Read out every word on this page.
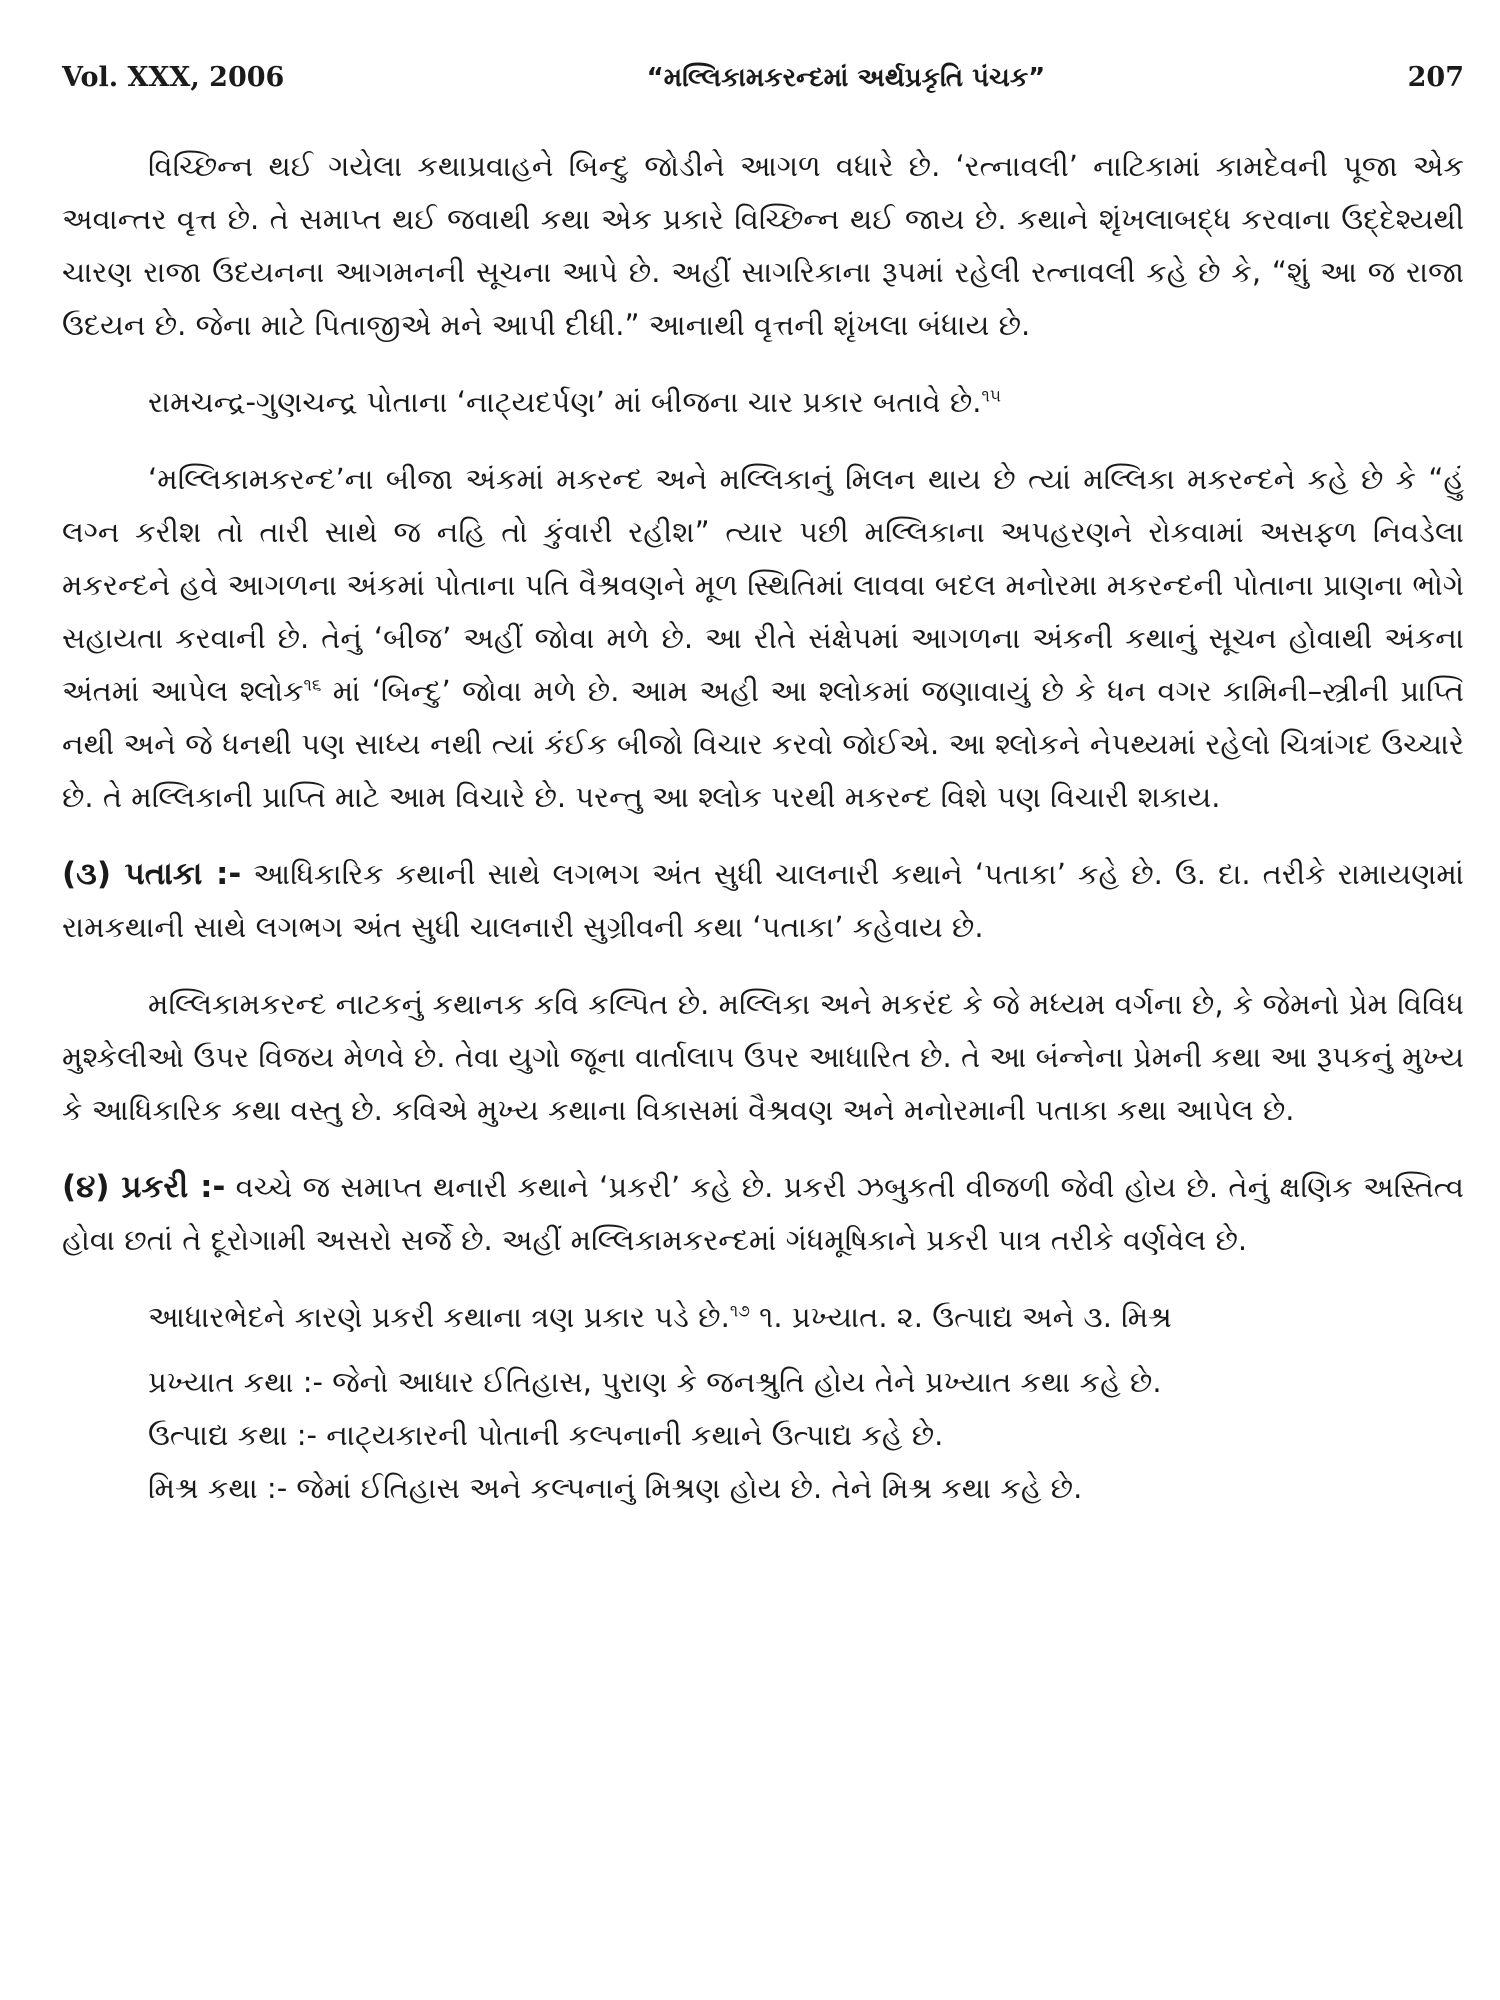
Vol. XXX, 2006	“મલ્લિકામકરન્દમાં અર્થપ્રકૃતિ પંચક”	207

વિચ્છિન્ન થઈ ગયેલા કથાપ્રવાહને બિન્દુ જોડીને આગળ વધારે છે. ‘રત્નાવલી’ નાટિકામાં કામદેવની પૂજા એક અવાન્તર વૃત્ત છે. તે સમાપ્ત થઈ જવાથી કથા એક પ્રકારે વિચ્છિન્ન થઈ જાય છે. કથાને શૃંખલાબદ્ધ કરવાના ઉદ્દેશ્યથી ચારણ રાજા ઉદયનના આગમનની સૂચના આપે છે. અહીં સાગરિકાના રૂપમાં રહેલી રત્નાવલી કહે છે કે, “શું આ જ રાજા ઉદયન છે. જેના માટે પિતાજીએ મને આપી દીધી.” આનાથી વૃત્તની શૃંખલા બંધાય છે.

રામચન્દ્ર-ગુણચન્દ્ર પોતાના ‘નાટ્યદર્પણ’ માં બીજના ચાર પ્રકાર બતાવે છે.$^{૧૫}$

‘મલ્લિકામકરન્દ’ના બીજા અંકમાં મકરન્દ અને મલ્લિકાનું મિલન થાય છે ત્યાં મલ્લિકા મકરન્દને કહે છે કે “હું લગ્ન કરીશ તો તારી સાથે જ નહિ તો કુંવારી રહીશ” ત્યાર પછી મલ્લિકાના અપહરણને રોકવામાં અસફળ નિવડેલા મકરન્દને હવે આગળના અંકમાં પોતાના પતિ વૈશ્રવણને મૂળ સ્થિતિમાં લાવવા બદલ મનોરમા મકરન્દની પોતાના પ્રાણના ભોગે સહાયતા કરવાની છે. તેનું ‘બીજ’ અહીં જોવા મળે છે. આ રીતે સંક્ષેપમાં આગળના અંકની કથાનું સૂચન હોવાથી અંકના અંતમાં આપેલ શ્લોક$^{૧૬}$ માં ‘બિન્દુ’ જોવા મળે છે. આમ અહી આ શ્લોકમાં જણાવાયું છે કે ધન વગર કામિની–સ્ત્રીની પ્રાપ્તિ નથી અને જે ધનથી પણ સાધ્ય નથી ત્યાં કંઈક બીજો વિચાર કરવો જોઈએ. આ શ્લોકને નેપથ્યમાં રહેલો ચિત્રાંગદ ઉચ્ચારે છે. તે મલ્લિકાની પ્રાપ્તિ માટે આમ વિચારે છે. પરન્તુ આ શ્લોક પરથી મકરન્દ વિશે પણ વિચારી શકાય.

(૩) પતાકા :- આધિકારિક કથાની સાથે લગભગ અંત સુધી ચાલનારી કથાને ‘પતાકા’ કહે છે. ઉ. દા. તરીકે રામાયણમાં રામકથાની સાથે લગભગ અંત સુધી ચાલનારી સુગ્રીવની કથા ‘પતાકા’ કહેવાય છે.

મલ્લિકામકરન્દ નાટકનું કથાનક કવિ કલ્પિત છે. મલ્લિકા અને મકરંદ કે જે મધ્યમ વર્ગના છે, કે જેમનો પ્રેમ વિવિધ મુશ્કેલીઓ ઉપર વિજય મેળવે છે. તેવા યુગો જૂના વાર્તાલાપ ઉપર આધારિત છે. તે આ બંન્નેના પ્રેમની કથા આ રૂપકનું મુખ્ય કે આધિકારિક કથા વસ્તુ છે. કવિએ મુખ્ય કથાના વિકાસમાં વૈશ્રવણ અને મનોરમાની પતાકા કથા આપેલ છે.

(૪) પ્રકરી :- વચ્ચે જ સમાપ્ત થનારી કથાને ‘પ્રકરી’ કહે છે. પ્રકરી ઝબુકતી વીજળી જેવી હોય છે. તેનું ક્ષણિક અસ્તિત્વ હોવા છતાં તે દૂરોગામી અસરો સર્જે છે. અહીં મલ્લિકામકરન્દમાં ગંધમૂષિકાને પ્રકરી પાત્ર તરીકે વર્ણવેલ છે.

આધારભેદને કારણે પ્રકરી કથાના ત્રણ પ્રકાર પડે છે.$^{૧૭}$ ૧. પ્રખ્યાત. ૨. ઉત્પાદ્ય અને ૩. મિશ્ર

પ્રખ્યાત કથા :- જેનો આધાર ઈતિહાસ, પુરાણ કે જનશ્રુતિ હોય તેને પ્રખ્યાત કથા કહે છે.

ઉત્પાદ્ય કથા :- નાટ્યકારની પોતાની કલ્પનાની કથાને ઉત્પાદ્ય કહે છે.

મિશ્ર કથા :- જેમાં ઈતિહાસ અને કલ્પનાનું મિશ્રણ હોય છે. તેને મિશ્ર કથા કહે છે.
